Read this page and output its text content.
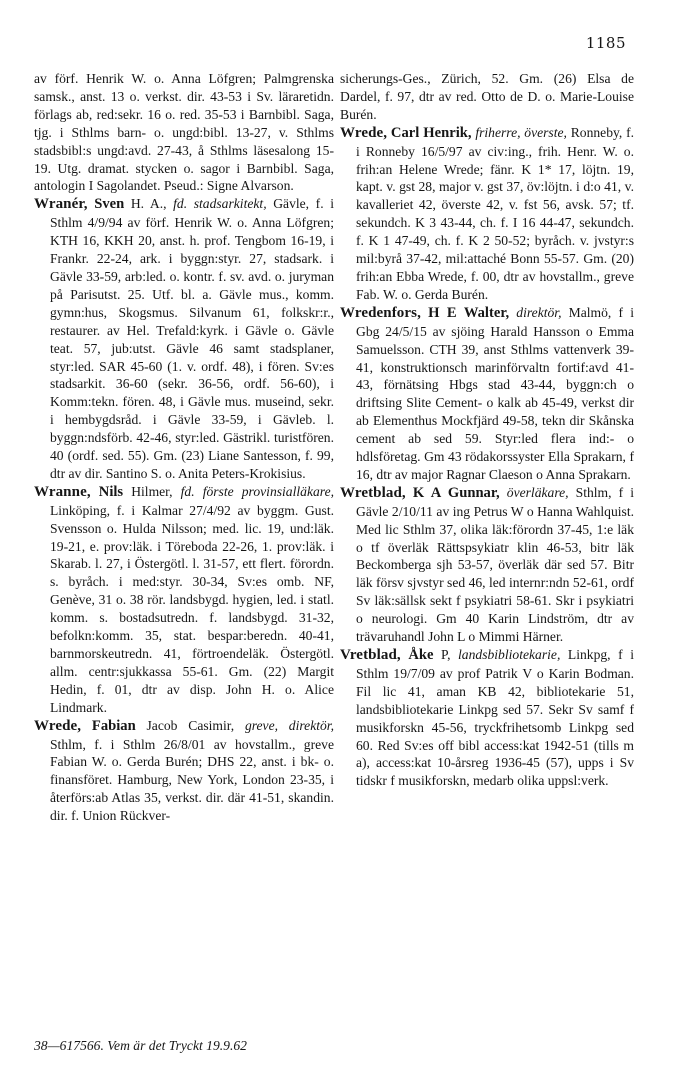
1185

av förf. Henrik W. o. Anna Löfgren; Palmgrenska samsk., anst. 13 o. verkst. dir. 43-53 i Sv. läraretidn. förlags ab, red:sekr. 16 o. red. 35-53 i Barnbibl. Saga, tjg. i Sthlms barn- o. ungd:bibl. 13-27, v. Sthlms stadsbibl:s ungd:avd. 27-43, å Sthlms läsesalong 15-19. Utg. dramat. stycken o. sagor i Barnbibl. Saga, antologin I Sagolandet. Pseud.: Signe Alvarson.

Wranér, Sven H. A., fd. stadsarkitekt, Gävle, f. i Sthlm 4/9/94 av förf. Henrik W. o. Anna Löfgren; KTH 16, KKH 20, anst. h. prof. Tengbom 16-19, i Frankr. 22-24, ark. i byggn:styr. 27, stadsark. i Gävle 33-59, arb:led. o. kontr. f. sv. avd. o. juryman på Parisutst. 25. Utf. bl. a. Gävle mus., komm. gymn:hus, Skogsmus. Silvanum 61, folkskr:r., restaurer. av Hel. Trefald:kyrk. i Gävle o. Gävle teat. 57, jub:utst. Gävle 46 samt stadsplaner, styr:led. SAR 45-60 (1. v. ordf. 48), i fören. Sv:es stadsarkit. 36-60 (sekr. 36-56, ordf. 56-60), i Komm:tekn. fören. 48, i Gävle mus. museind, sekr. i hembygdsråd. i Gävle 33-59, i Gävleb. l. byggn:ndsförb. 42-46, styr:led. Gästrikl. turistfören. 40 (ordf. sed. 55). Gm. (23) Liane Santesson, f. 99, dtr av dir. Santino S. o. Anita Peters-Krokisius.

Wranne, Nils Hilmer, fd. förste provinsialläkare, Linköping, f. i Kalmar 27/4/92 av byggm. Gust. Svensson o. Hulda Nilsson; med. lic. 19, und:läk. 19-21, e. prov:läk. i Töreboda 22-26, 1. prov:läk. i Skarab. l. 27, i Östergötl. l. 31-57, ett flert. förordn. s. byråch. i med:styr. 30-34, Sv:es omb. NF, Genève, 31 o. 38 rör. landsbygd. hygien, led. i statl. komm. s. bostadsutredn. f. landsbygd. 31-32, befolkn:komm. 35, stat. bespar:beredn. 40-41, barnmorskeutredn. 41, förtroendeläk. Östergötl. allm. centr:sjukkassa 55-61. Gm. (22) Margit Hedin, f. 01, dtr av disp. John H. o. Alice Lindmark.

Wrede, Fabian Jacob Casimir, greve, direktör, Sthlm, f. i Sthlm 26/8/01 av hovstallm., greve Fabian W. o. Gerda Burén; DHS 22, anst. i bk- o. finansföret. Hamburg, New York, London 23-35, i återförs:ab Atlas 35, verkst. dir. där 41-51, skandin. dir. f. Union Rückver-

sicherungs-Ges., Zürich, 52. Gm. (26) Elsa de Dardel, f. 97, dtr av red. Otto de D. o. Marie-Louise Burén.

Wrede, Carl Henrik, friherre, överste, Ronneby, f. i Ronneby 16/5/97 av civ:ing., frih. Henr. W. o. frih:an Helene Wrede; fänr. K 1* 17, löjtn. 19, kapt. v. gst 28, major v. gst 37, öv:löjtn. i d:o 41, v. kavalleriet 42, överste 42, v. fst 56, avsk. 57; tf. sekundch. K 3 43-44, ch. f. I 16 44-47, sekundch. f. K 1 47-49, ch. f. K 2 50-52; byråch. v. jvstyr:s mil:byrå 37-42, mil:attaché Bonn 55-57. Gm. (20) frih:an Ebba Wrede, f. 00, dtr av hovstallm., greve Fab. W. o. Gerda Burén.

Wredenfors, H E Walter, direktör, Malmö, f i Gbg 24/5/15 av sjöing Harald Hansson o Emma Samuelsson. CTH 39, anst Sthlms vattenverk 39-41, konstruktionsch marinförvaltn fortif:avd 41-43, förnätsing Hbgs stad 43-44, byggn:ch o driftsing Slite Cement- o kalk ab 45-49, verkst dir ab Elementhus Mockfjärd 49-58, tekn dir Skånska cement ab sed 59. Styr:led flera ind:- o hdlsföretag. Gm 43 rödakorssyster Ella Sprakarn, f 16, dtr av major Ragnar Claeson o Anna Sprakarn.

Wretblad, K A Gunnar, överläkare, Sthlm, f i Gävle 2/10/11 av ing Petrus W o Hanna Wahlquist. Med lic Sthlm 37, olika läk:förordn 37-45, 1:e läk o tf överläk Rättspsykiatr klin 46-53, bitr läk Beckomberga sjh 53-57, överläk där sed 57. Bitr läk försv sjvstyr sed 46, led internr:ndn 52-61, ordf Sv läk:sällsk sekt f psykiatri 58-61. Skr i psykiatri o neurologi. Gm 40 Karin Lindström, dtr av trävaruhandl John L o Mimmi Härner.

Vretblad, Åke P, landsbibliotekarie, Linkpg, f i Sthlm 19/7/09 av prof Patrik V o Karin Bodman. Fil lic 41, aman KB 42, bibliotekarie 51, landsbibliotekarie Linkpg sed 57. Sekr Sv samf f musikforskn 45-56, tryckfrihetsomb Linkpg sed 60. Red Sv:es off bibl access:kat 1942-51 (tills m a), access:kat 10-årsreg 1936-45 (57), upps i Sv tidskr f musikforskn, medarb olika uppsl:verk.

38—617566. Vem är det Tryckt 19.9.62
